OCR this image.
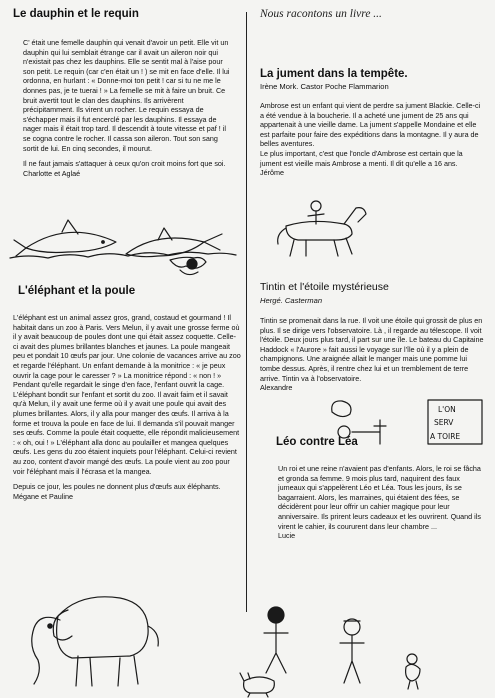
Nous racontons un livre ...
Le dauphin et le requin

C' était une femelle dauphin qui venait d'avoir un petit. Elle vit un dauphin qui lui semblait étrange car il avait un aileron noir qui n'existait pas chez les dauphins. Elle se sentit mal à l'aise pour son petit. Le requin (car c'en était un ! ) se mit en face d'elle. Il lui ordonna, en hurlant : « Donne-moi ton petit ! car si tu ne me le donnes pas, je te tuerai ! » La femelle se mit à faire un bruit. Ce bruit avertit tout le clan des dauphins. Ils arrivèrent précipitamment. Ils virent un rocher. Le requin essaya de s'échapper mais il fut encerclé par les dauphins. Il essaya de nager mais il était trop tard. Il descendit à toute vitesse et paf ! il se cogna contre le rocher. Il cassa son aileron. Tout son sang sortit de lui. En cinq secondes, il mourut.

Il ne faut jamais s'attaquer à ceux qu'on croit moins fort que soi.

Charlotte et Aglaé

L'éléphant et la poule

L'éléphant est un animal assez gros, grand, costaud et gourmand ! Il habitait dans un zoo à Paris. Vers Melun, il y avait une grosse ferme où il y avait beaucoup de poules dont une qui était assez coquette. Celle-ci avait des plumes brillantes blanches et jaunes. La poule mangeait peu et pondait 10 œufs par jour. Une colonie de vacances arrive au zoo et regarde l'éléphant. Un enfant demande à la monitrice : « je peux ouvrir la cage pour le caresser ? » La monitrice répond : « non ! » Pendant qu'elle regardait le singe d'en face, l'enfant ouvrit la cage. L'éléphant bondit sur l'enfant et sortit du zoo. Il avait faim et il savait qu'à Melun, il y avait une ferme où il y avait une poule qui avait des plumes brillantes. Alors, il y alla pour manger des œufs. Il arriva à la forme et trouva la poule en face de lui. Il demanda s'il pouvait manger ses œufs. Comme la poule était coquette, elle répondit malicieusement : « oh, oui ! » L'éléphant alla donc au poulailler et mangea quelques œufs. Les gens du zoo étaient inquiets pour l'éléphant. Celui-ci revient au zoo, content d'avoir mangé des œufs. La poule vient au zoo pour voir l'éléphant mais il l'écrasa et la mangea.

Depuis ce jour, les poules ne donnent plus d'œufs aux éléphants.

Mégane et Pauline

La jument dans la tempête.
Irène Mork. Castor Poche Flammarion

Ambrose est un enfant qui vient de perdre sa jument Blackie. Celle-ci a été vendue à la boucherie. Il a acheté une jument de 25 ans qui appartenait à une vieille dame. La jument s'appelle Mondaine et elle est parfaite pour faire des expéditions dans la montagne. Il y aura de belles aventures.

Le plus important, c'est que l'oncle d'Ambrose est certain que la jument est vieille mais Ambrose a menti. Il dit qu'elle a 16 ans.

Jérôme

Tintin et l'étoile mystérieuse
Hergé. Casterman

Tintin se promenait dans la rue. Il voit une étoile qui grossit de plus en plus. Il se dirige vers l'observatoire. Là , il regarde au télescope. Il voit l'étoile. Deux jours plus tard, il part sur une île. Le bateau du Capitaine Haddock « l'Aurore » fait aussi le voyage sur l'île où il y a plein de champignons. Une araignée allait le manger mais une pomme lui tombe dessus. Après, il rentre chez lui et un tremblement de terre arrive. Tintin va à l'observatoire.

Alexandre

L'ON
SERV
A TOIRE
Léo contre Léa

Un roi et une reine n'avaient pas d'enfants. Alors, le roi se fâcha et gronda sa femme. 9 mois plus tard, naquirent des faux jumeaux qui s'appelèrent Léo et Léa. Tous les jours, ils se bagarraient. Alors, les marraines, qui étaient des fées, se décidèrent pour leur offrir un cahier magique pour leur anniversaire. Ils prirent leurs cadeaux et les ouvrirent. Quand ils virent le cahier, ils coururent dans leur chambre ...

Lucie
